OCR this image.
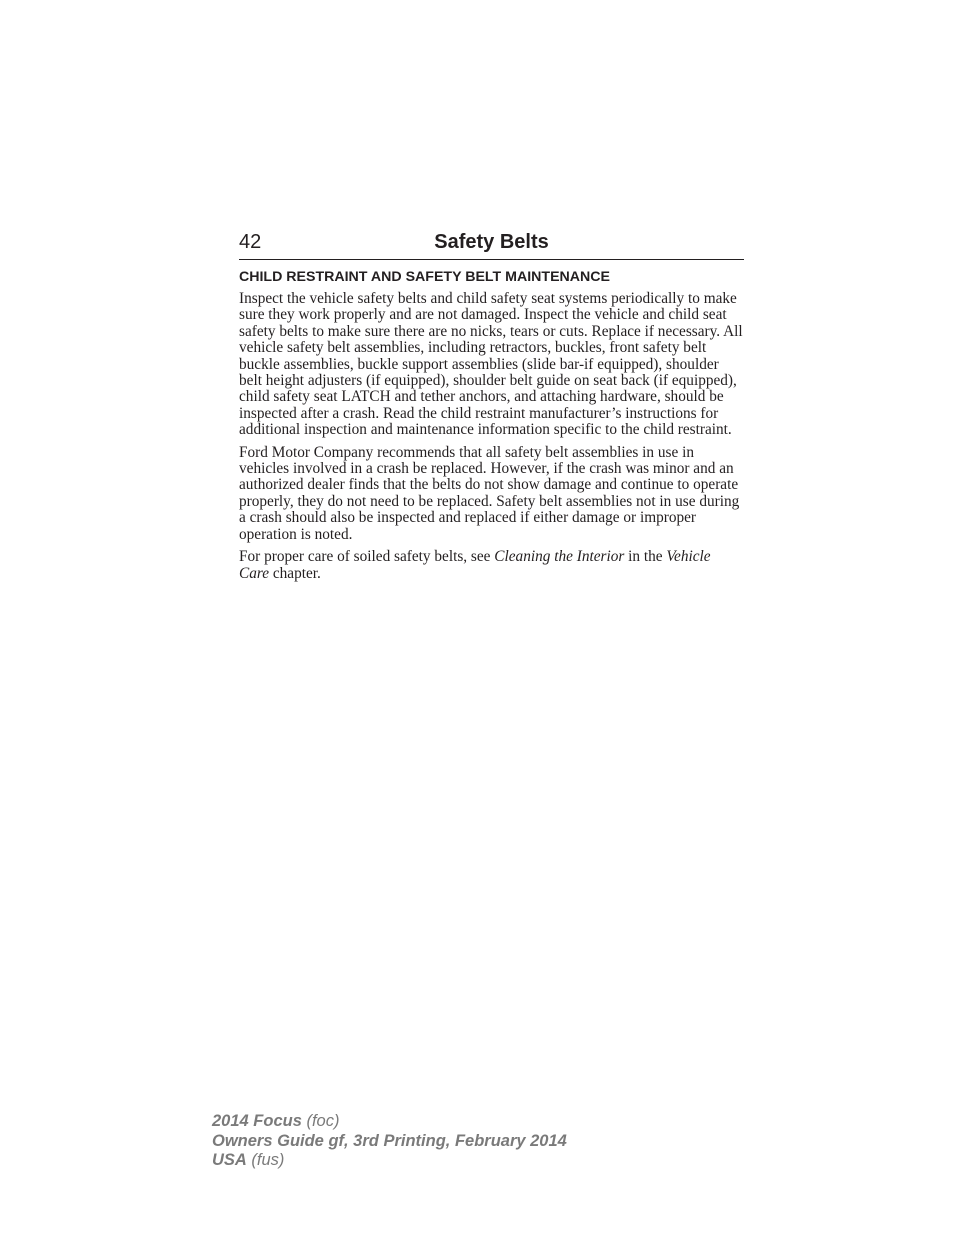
42	Safety Belts
CHILD RESTRAINT AND SAFETY BELT MAINTENANCE

Inspect the vehicle safety belts and child safety seat systems periodically to make sure they work properly and are not damaged. Inspect the vehicle and child seat safety belts to make sure there are no nicks, tears or cuts. Replace if necessary. All vehicle safety belt assemblies, including retractors, buckles, front safety belt buckle assemblies, buckle support assemblies (slide bar-if equipped), shoulder belt height adjusters (if equipped), shoulder belt guide on seat back (if equipped), child safety seat LATCH and tether anchors, and attaching hardware, should be inspected after a crash. Read the child restraint manufacturer’s instructions for additional inspection and maintenance information specific to the child restraint.

Ford Motor Company recommends that all safety belt assemblies in use in vehicles involved in a crash be replaced. However, if the crash was minor and an authorized dealer finds that the belts do not show damage and continue to operate properly, they do not need to be replaced. Safety belt assemblies not in use during a crash should also be inspected and replaced if either damage or improper operation is noted.

For proper care of soiled safety belts, see Cleaning the Interior in the Vehicle Care chapter.

2014 Focus (foc)
Owners Guide gf, 3rd Printing, February 2014
USA (fus)
